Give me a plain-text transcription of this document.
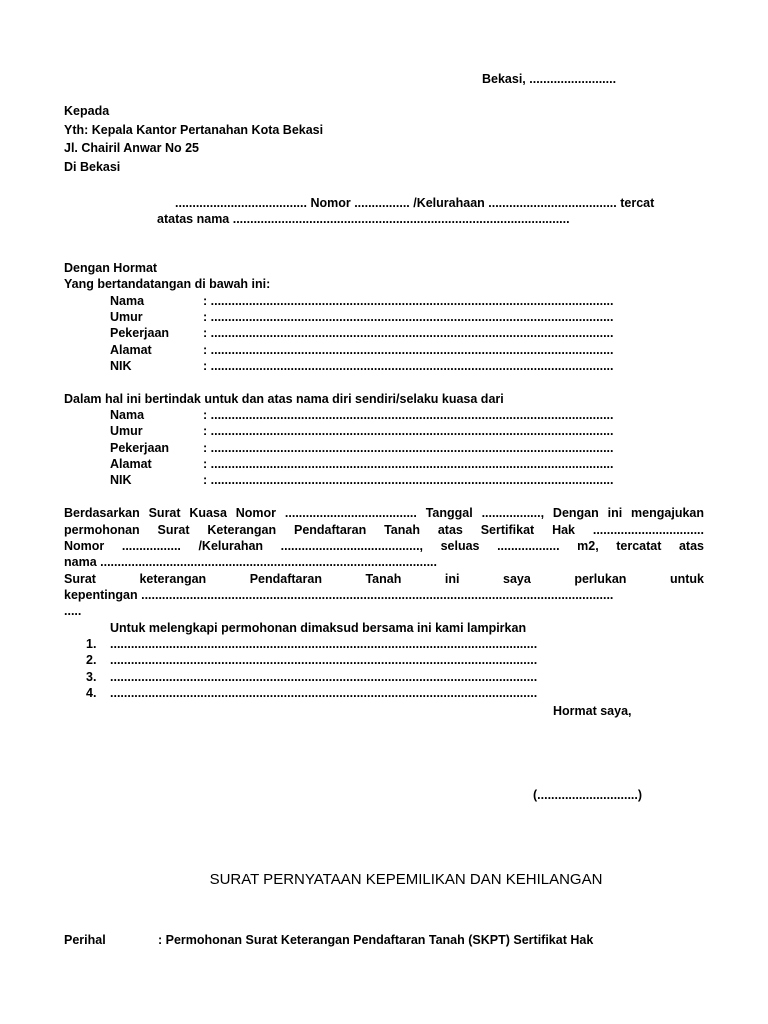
Bekasi, .........................
Kepada
Yth: Kepala Kantor Pertanahan Kota Bekasi
Jl. Chairil Anwar No 25
Di Bekasi
...................................... Nomor ................ /Kelurahaan ..................................... tercat
atatas nama .................................................................................................
Dengan Hormat
Yang bertandatangan di bawah ini:
Nama	: ....................................................................................................................
Umur	: ....................................................................................................................
Pekerjaan	: ....................................................................................................................
Alamat	: ....................................................................................................................
NIK	: ....................................................................................................................
Dalam hal ini bertindak untuk dan atas nama diri sendiri/selaku kuasa dari
Nama	: ....................................................................................................................
Umur	: ....................................................................................................................
Pekerjaan	: ....................................................................................................................
Alamat	: ....................................................................................................................
NIK	: ....................................................................................................................
Berdasarkan Surat Kuasa Nomor ...................................... Tanggal ................., Dengan ini mengajukan
permohonan Surat Keterangan Pendaftaran Tanah atas Sertifikat Hak ................................
Nomor ................. /Kelurahan ........................................, seluas .................. m2, tercatat atas
nama .................................................................................................
Surat keterangan Pendaftaran Tanah ini saya perlukan untuk
kepentingan ........................................................................................................................................
.....
Untuk melengkapi permohonan dimaksud bersama ini kami lampirkan
1. ...........................................................................................................................
2. ...........................................................................................................................
3. ...........................................................................................................................
4. ...........................................................................................................................
Hormat saya,
(.............................)
SURAT PERNYATAAN KEPEMILIKAN DAN KEHILANGAN
Perihal	: Permohonan Surat Keterangan Pendaftaran Tanah (SKPT) Sertifikat Hak
